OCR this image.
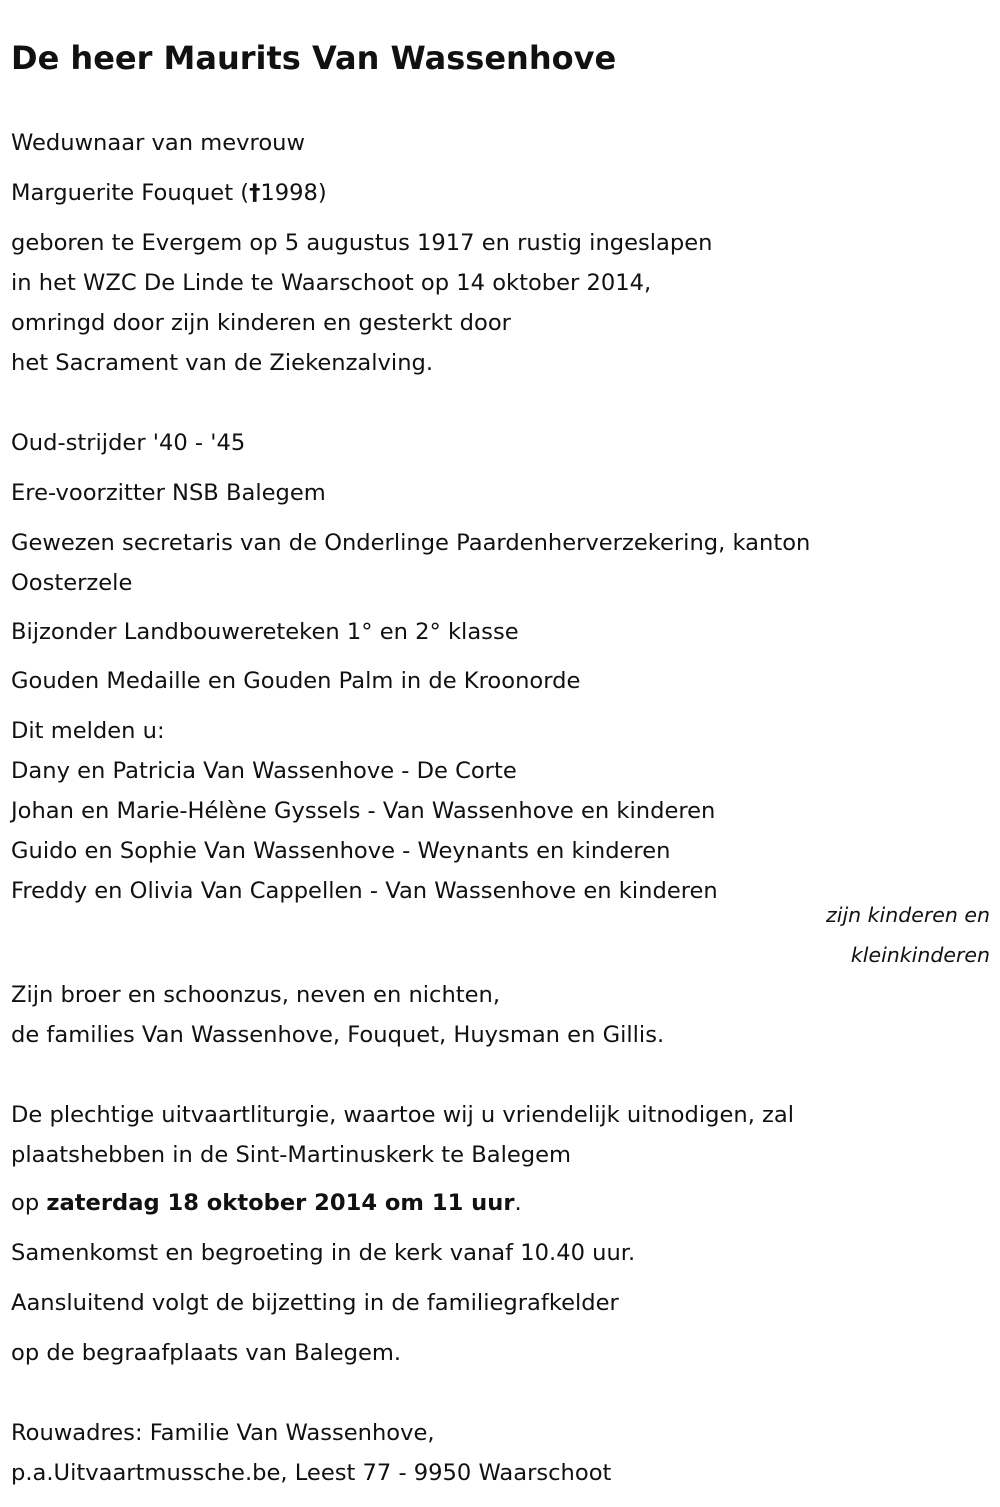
De heer Maurits Van Wassenhove
Weduwnaar van mevrouw
Marguerite Fouquet (†1998)
geboren te Evergem op 5 augustus 1917 en rustig ingeslapen
in het WZC De Linde te Waarschoot op 14 oktober 2014,
omringd door zijn kinderen en gesterkt door
het Sacrament van de Ziekenzalving.
Oud-strijder '40 - '45
Ere-voorzitter NSB Balegem
Gewezen secretaris van de Onderlinge Paardenherverzekering, kanton
Oosterzele
Bijzonder Landbouwereteken 1° en 2° klasse
Gouden Medaille en Gouden Palm in de Kroonorde
Dit melden u:
Dany en Patricia Van Wassenhove - De Corte
Johan en Marie-Hélène Gyssels - Van Wassenhove en kinderen
Guido en Sophie Van Wassenhove - Weynants en kinderen
Freddy en Olivia Van Cappellen - Van Wassenhove en kinderen
zijn kinderen en
kleinkinderen
Zijn broer en schoonzus, neven en nichten,
de families Van Wassenhove, Fouquet, Huysman en Gillis.
De plechtige uitvaartliturgie, waartoe wij u vriendelijk uitnodigen, zal
plaatshebben in de Sint-Martinuskerk te Balegem
op zaterdag 18 oktober 2014 om 11 uur.
Samenkomst en begroeting in de kerk vanaf 10.40 uur.
Aansluitend volgt de bijzetting in de familiegrafkelder
op de begraafplaats van Balegem.
Rouwadres: Familie Van Wassenhove,
p.a.Uitvaartmussche.be, Leest 77 - 9950 Waarschoot
